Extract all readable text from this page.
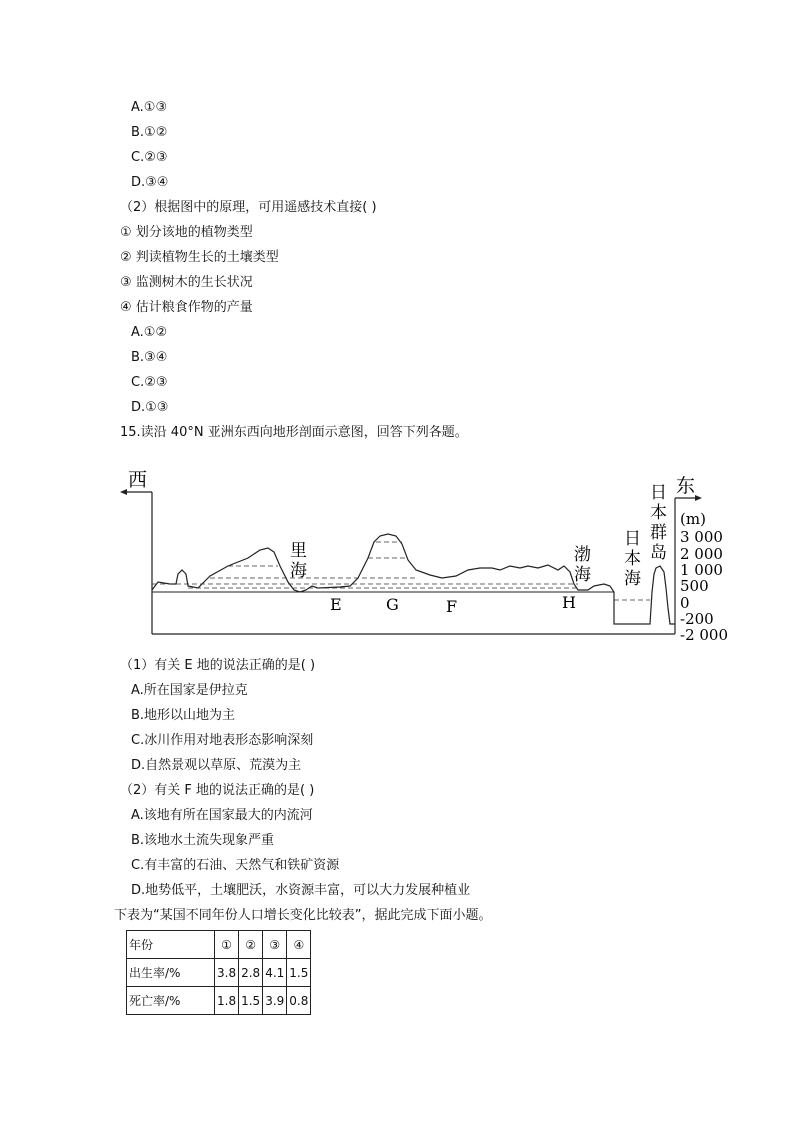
A.①③
B.①②
C.②③
D.③④
（2）根据图中的原理，可用遥感技术直接( )
① 划分该地的植物类型
② 判读植物生长的土壤类型
③ 监测树木的生长状况
④ 估计粮食作物的产量
A.①②
B.③④
C.②③
D.①③
15.读沿 40°N 亚洲东西向地形剖面示意图，回答下列各题。
西
里
海
渤
海
日
本
海
日
本
群
岛
东
(m)
3 000
2 000
1 000
500
0
-200
-2 000
E	G	F	H
（1）有关 E 地的说法正确的是( )
A.所在国家是伊拉克
B.地形以山地为主
C.冰川作用对地表形态影响深刻
D.自然景观以草原、荒漠为主
（2）有关 F 地的说法正确的是( )
A.该地有所在国家最大的内流河
B.该地水土流失现象严重
C.有丰富的石油、天然气和铁矿资源
D.地势低平，土壤肥沃，水资源丰富，可以大力发展种植业
下表为“某国不同年份人口增长变化比较表”，据此完成下面小题。
年份	①	②	③	④
出生率/%	3.8	2.8	4.1	1.5
死亡率/%	1.8	1.5	3.9	0.8
